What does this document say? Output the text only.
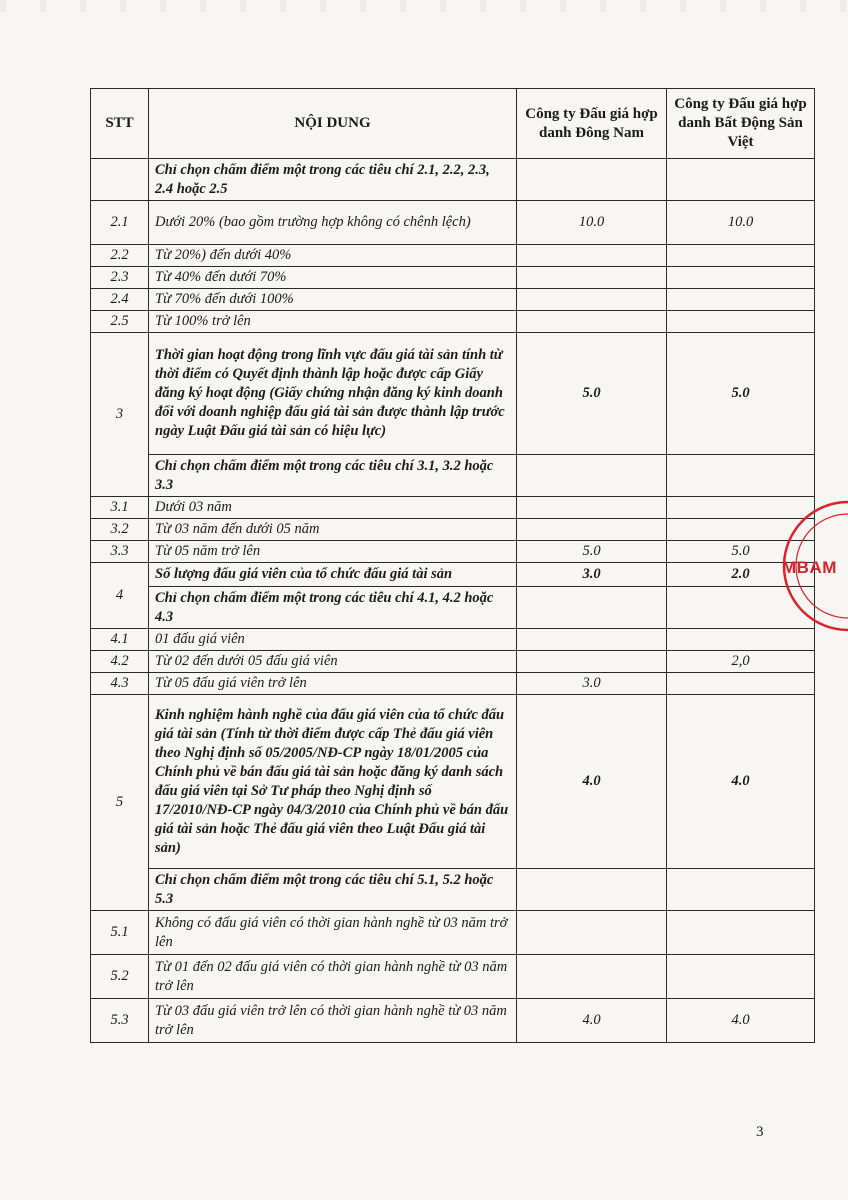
STT	NỘI DUNG	Công ty Đấu giá hợp danh Đông Nam	Công ty Đấu giá hợp danh Bất Động Sản Việt
	Chỉ chọn chấm điểm một trong các tiêu chí 2.1, 2.2, 2.3, 2.4 hoặc 2.5		
2.1	Dưới 20% (bao gồm trường hợp không có chênh lệch)	10.0	10.0
2.2	Từ 20%) đến dưới 40%		
2.3	Từ 40% đến dưới 70%		
2.4	Từ 70% đến dưới 100%		
2.5	Từ 100% trở lên		
3	Thời gian hoạt động trong lĩnh vực đấu giá tài sản tính từ thời điểm có Quyết định thành lập hoặc được cấp Giấy đăng ký hoạt động (Giấy chứng nhận đăng ký kinh doanh đối với doanh nghiệp đấu giá tài sản được thành lập trước ngày Luật Đấu giá tài sản có hiệu lực)	5.0	5.0
	Chỉ chọn chấm điểm một trong các tiêu chí 3.1, 3.2 hoặc 3.3		
3.1	Dưới 03 năm		
3.2	Từ 03 năm đến dưới 05 năm		
3.3	Từ 05 năm trở lên	5.0	5.0
4	Số lượng đấu giá viên của tổ chức đấu giá tài sản	3.0	2.0
	Chỉ chọn chấm điểm một trong các tiêu chí 4.1, 4.2 hoặc 4.3		
4.1	01 đấu giá viên		
4.2	Từ 02 đến dưới 05 đấu giá viên		2,0
4.3	Từ 05 đấu giá viên trở lên	3.0	
5	Kinh nghiệm hành nghề của đấu giá viên của tổ chức đấu giá tài sản (Tính từ thời điểm được cấp Thẻ đấu giá viên theo Nghị định số 05/2005/NĐ-CP ngày 18/01/2005 của Chính phủ về bán đấu giá tài sản hoặc đăng ký danh sách đấu giá viên tại Sở Tư pháp theo Nghị định số 17/2010/NĐ-CP ngày 04/3/2010 của Chính phủ về bán đấu giá tài sản hoặc Thẻ đấu giá viên theo Luật Đấu giá tài sản)	4.0	4.0
	Chỉ chọn chấm điểm một trong các tiêu chí 5.1, 5.2 hoặc 5.3		
5.1	Không có đấu giá viên có thời gian hành nghề từ 03 năm trở lên		
5.2	Từ 01 đến 02 đấu giá viên có thời gian hành nghề từ 03 năm trở lên		
5.3	Từ 03 đấu giá viên trở lên có thời gian hành nghề từ 03 năm trở lên	4.0	4.0
MBAM
3
